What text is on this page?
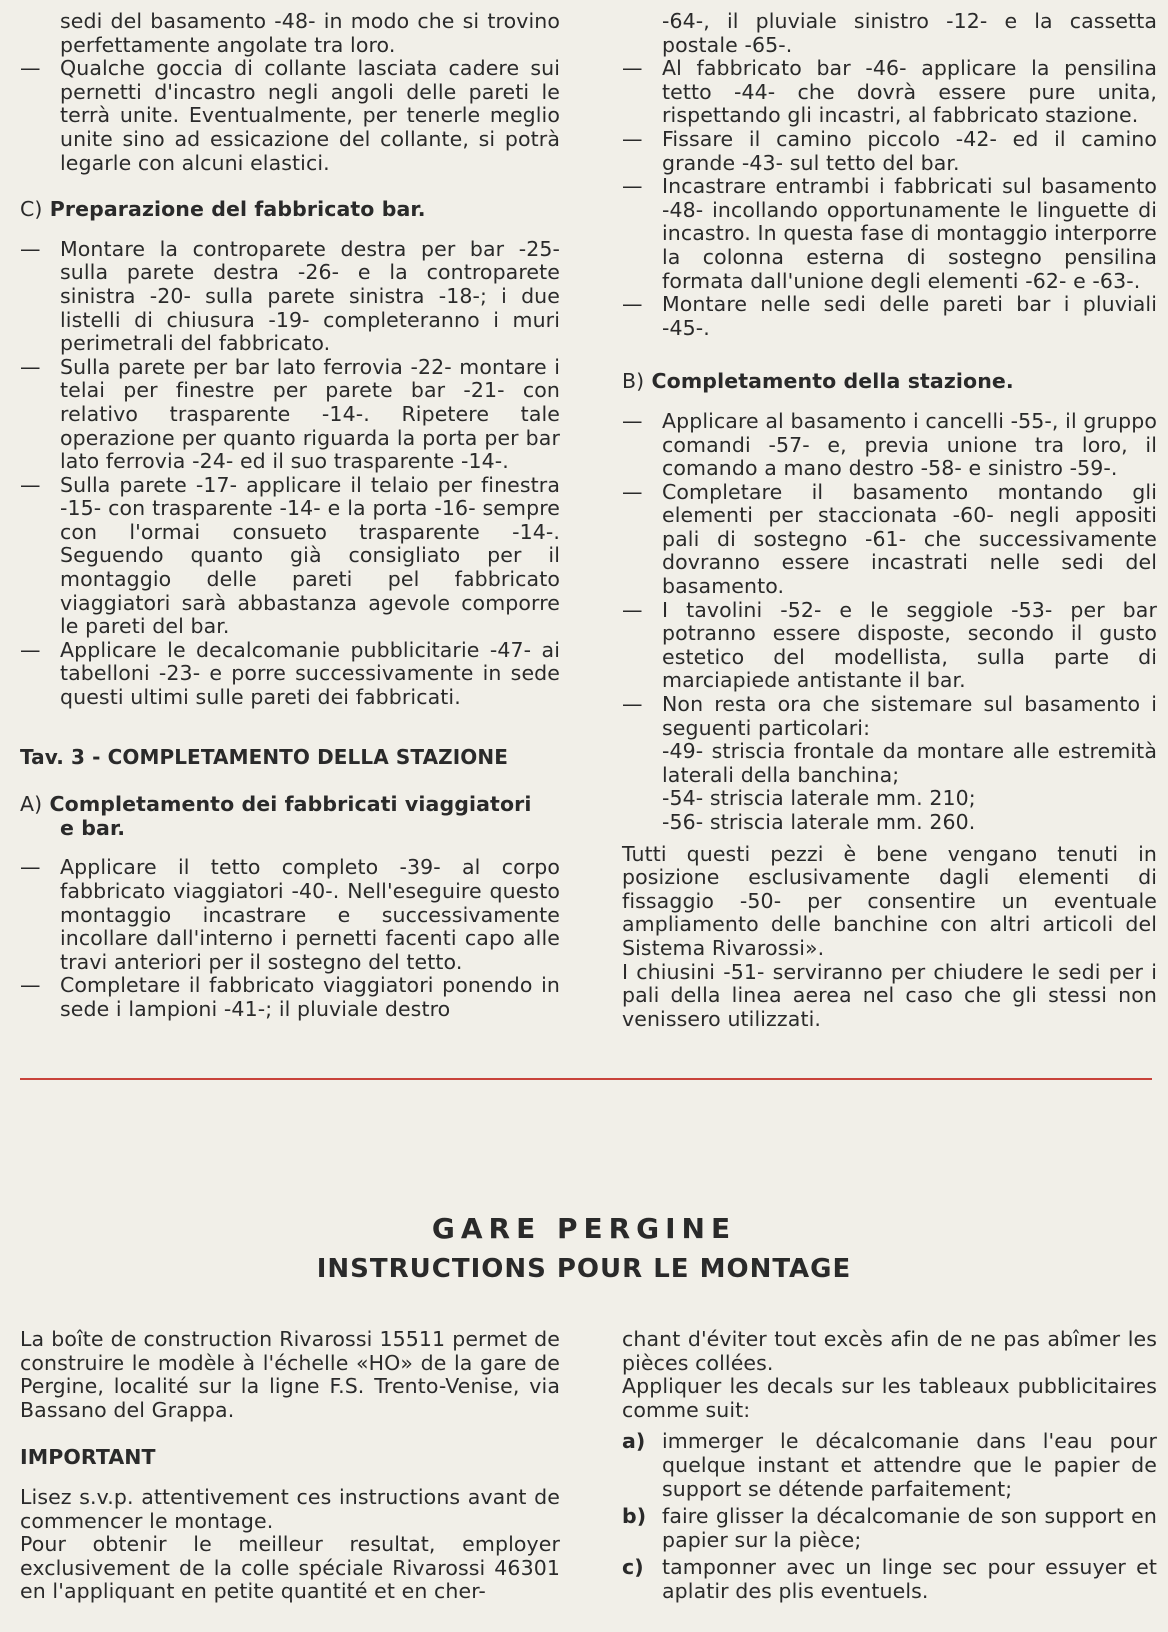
sedi del basamento -48- in modo che si trovino perfettamente angolate tra loro.
— Qualche goccia di collante lasciata cadere sui pernetti d'incastro negli angoli delle pareti le terrà unite. Eventualmente, per tenerle meglio unite sino ad essicazione del collante, si potrà legarle con alcuni elastici.
C) Preparazione del fabbricato bar.
— Montare la controparete destra per bar -25- sulla parete destra -26- e la controparete sinistra -20- sulla parete sinistra -18-; i due listelli di chiusura -19- completeranno i muri perimetrali del fabbricato.
— Sulla parete per bar lato ferrovia -22- montare i telai per finestre per parete bar -21- con relativo trasparente -14-. Ripetere tale operazione per quanto riguarda la porta per bar lato ferrovia -24- ed il suo trasparente -14-.
— Sulla parete -17- applicare il telaio per finestra -15- con trasparente -14- e la porta -16- sempre con l'ormai consueto trasparente -14-. Seguendo quanto già consigliato per il montaggio delle pareti pel fabbricato viaggiatori sarà abbastanza agevole comporre le pareti del bar.
— Applicare le decalcomanie pubblicitarie -47- ai tabelloni -23- e porre successivamente in sede questi ultimi sulle pareti dei fabbricati.
Tav. 3 - COMPLETAMENTO DELLA STAZIONE
A) Completamento dei fabbricati viaggiatori
e bar.
— Applicare il tetto completo -39- al corpo fabbricato viaggiatori -40-. Nell'eseguire questo montaggio incastrare e successivamente incollare dall'interno i pernetti facenti capo alle travi anteriori per il sostegno del tetto.
— Completare il fabbricato viaggiatori ponendo in sede i lampioni -41-; il pluviale destro
-64-, il pluviale sinistro -12- e la cassetta postale -65-.
— Al fabbricato bar -46- applicare la pensilina tetto -44- che dovrà essere pure unita, rispettando gli incastri, al fabbricato stazione.
— Fissare il camino piccolo -42- ed il camino grande -43- sul tetto del bar.
— Incastrare entrambi i fabbricati sul basamento -48- incollando opportunamente le linguette di incastro. In questa fase di montaggio interporre la colonna esterna di sostegno pensilina formata dall'unione degli elementi -62- e -63-.
— Montare nelle sedi delle pareti bar i pluviali -45-.
B) Completamento della stazione.
— Applicare al basamento i cancelli -55-, il gruppo comandi -57- e, previa unione tra loro, il comando a mano destro -58- e sinistro -59-.
— Completare il basamento montando gli elementi per staccionata -60- negli appositi pali di sostegno -61- che successivamente dovranno essere incastrati nelle sedi del basamento.
— I tavolini -52- e le seggiole -53- per bar potranno essere disposte, secondo il gusto estetico del modellista, sulla parte di marciapiede antistante il bar.
— Non resta ora che sistemare sul basamento i seguenti particolari:
-49- striscia frontale da montare alle estremità laterali della banchina;
-54- striscia laterale mm. 210;
-56- striscia laterale mm. 260.
Tutti questi pezzi è bene vengano tenuti in posizione esclusivamente dagli elementi di fissaggio -50- per consentire un eventuale ampliamento delle banchine con altri articoli del Sistema Rivarossi».
I chiusini -51- serviranno per chiudere le sedi per i pali della linea aerea nel caso che gli stessi non venissero utilizzati.
GARE PERGINE
INSTRUCTIONS POUR LE MONTAGE
La boîte de construction Rivarossi 15511 permet de construire le modèle à l'échelle «HO» de la gare de Pergine, localité sur la ligne F.S. Trento-Venise, via Bassano del Grappa.
IMPORTANT
Lisez s.v.p. attentivement ces instructions avant de commencer le montage.
Pour obtenir le meilleur resultat, employer exclusivement de la colle spéciale Rivarossi 46301 en l'appliquant en petite quantité et en cher-
chant d'éviter tout excès afin de ne pas abîmer les pièces collées.
Appliquer les decals sur les tableaux pubblicitaires comme suit:
a) immerger le décalcomanie dans l'eau pour quelque instant et attendre que le papier de support se détende parfaitement;
b) faire glisser la décalcomanie de son support en papier sur la pièce;
c) tamponner avec un linge sec pour essuyer et aplatir des plis eventuels.
